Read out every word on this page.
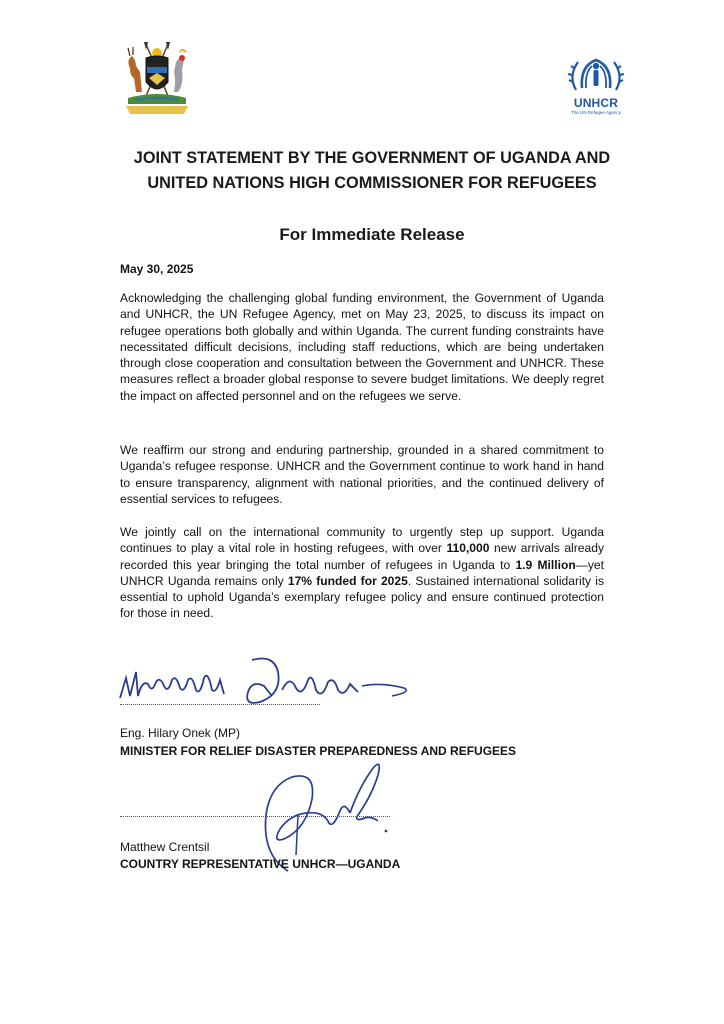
UNHCR
The UN Refugee Agency
JOINT STATEMENT BY THE GOVERNMENT OF UGANDA AND UNITED NATIONS HIGH COMMISSIONER FOR REFUGEES
For Immediate Release
May 30, 2025
Acknowledging the challenging global funding environment, the Government of Uganda and UNHCR, the UN Refugee Agency, met on May 23, 2025, to discuss its impact on refugee operations both globally and within Uganda. The current funding constraints have necessitated difficult decisions, including staff reductions, which are being undertaken through close cooperation and consultation between the Government and UNHCR. These measures reflect a broader global response to severe budget limitations. We deeply regret the impact on affected personnel and on the refugees we serve.
We reaffirm our strong and enduring partnership, grounded in a shared commitment to Uganda’s refugee response. UNHCR and the Government continue to work hand in hand to ensure transparency, alignment with national priorities, and the continued delivery of essential services to refugees.
We jointly call on the international community to urgently step up support. Uganda continues to play a vital role in hosting refugees, with over 110,000 new arrivals already recorded this year bringing the total number of refugees in Uganda to 1.9 Million—yet UNHCR Uganda remains only 17% funded for 2025. Sustained international solidarity is essential to uphold Uganda’s exemplary refugee policy and ensure continued protection for those in need.
Eng. Hilary Onek (MP)
MINISTER FOR RELIEF DISASTER PREPAREDNESS AND REFUGEES
Matthew Crentsil
COUNTRY REPRESENTATIVE UNHCR—UGANDA
